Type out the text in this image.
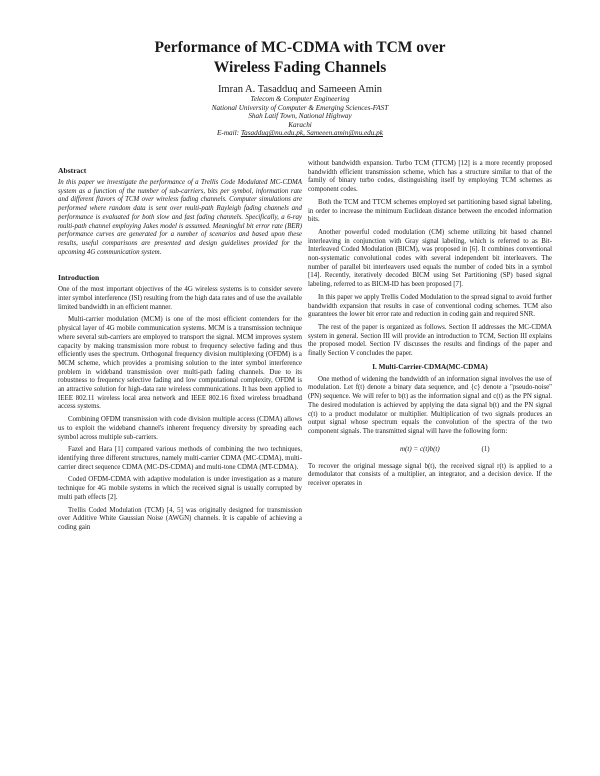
Performance of MC-CDMA with TCM over
Wireless Fading Channels
Imran A. Tasadduq and Sameeen Amin
Telecom & Computer Engineering
National University of Computer & Emerging Sciences-FAST
Shah Latif Town, National Highway
Karachi
E-mail: Tasadduq@nu.edu.pk, Sameeen.amin@nu.edu.pk
Abstract

In this paper we investigate the performance of a Trellis Code Modulated MC-CDMA system as a function of the number of sub-carriers, bits per symbol, information rate and different flavors of TCM over wireless fading channels. Computer simulations are performed where random data is sent over multi-path Rayleigh fading channels and performance is evaluated for both slow and fast fading channels. Specifically, a 6-ray multi-path channel employing Jakes model is assumed. Meaningful bit error rate (BER) performance curves are generated for a number of scenarios and based upon these results, useful comparisons are presented and design guidelines provided for the upcoming 4G communication system.

Introduction

One of the most important objectives of the 4G wireless systems is to consider severe inter symbol interference (ISI) resulting from the high data rates and of use the available limited bandwidth in an efficient manner.

Multi-carrier modulation (MCM) is one of the most efficient contenders for the physical layer of 4G mobile communication systems. MCM is a transmission technique where several sub-carriers are employed to transport the signal. MCM improves system capacity by making transmission more robust to frequency selective fading and thus efficiently uses the spectrum. Orthogonal frequency division multiplexing (OFDM) is a MCM scheme, which provides a promising solution to the inter symbol interference problem in wideband transmission over multi-path fading channels. Due to its robustness to frequency selective fading and low computational complexity, OFDM is an attractive solution for high-data rate wireless communications. It has been applied to IEEE 802.11 wireless local area network and IEEE 802.16 fixed wireless broadband access systems.

Combining OFDM transmission with code division multiple access (CDMA) allows us to exploit the wideband channel's inherent frequency diversity by spreading each symbol across multiple sub-carriers.

Fazel and Hara [1] compared various methods of combining the two techniques, identifying three different structures, namely multi-carrier CDMA (MC-CDMA), multi-carrier direct sequence CDMA (MC-DS-CDMA) and multi-tone CDMA (MT-CDMA).

Coded OFDM-CDMA with adaptive modulation is under investigation as a mature technique for 4G mobile systems in which the received signal is usually corrupted by multi path effects [2].

Trellis Coded Modulation (TCM) [4, 5] was originally designed for transmission over Additive White Gaussian Noise (AWGN) channels. It is capable of achieving a coding gain

without bandwidth expansion. Turbo TCM (TTCM) [12] is a more recently proposed bandwidth efficient transmission scheme, which has a structure similar to that of the family of binary turbo codes, distinguishing itself by employing TCM schemes as component codes.

Both the TCM and TTCM schemes employed set partitioning based signal labeling, in order to increase the minimum Euclidean distance between the encoded information bits.

Another powerful coded modulation (CM) scheme utilizing bit based channel interleaving in conjunction with Gray signal labeling, which is referred to as Bit-Interleaved Coded Modulation (BICM), was proposed in [6]. It combines conventional non-systematic convolutional codes with several independent bit interleavers. The number of parallel bit interleavers used equals the number of coded bits in a symbol [14]. Recently, iteratively decoded BICM using Set Partitioning (SP) based signal labeling, referred to as BICM-ID has been proposed [7].

In this paper we apply Trellis Coded Modulation to the spread signal to avoid further bandwidth expansion that results in case of conventional coding schemes. TCM also guarantees the lower bit error rate and reduction in coding gain and required SNR.

The rest of the paper is organized as follows. Section II addresses the MC-CDMA system in general. Section III will provide an introduction to TCM, Section III explains the proposed model. Section IV discusses the results and findings of the paper and finally Section V concludes the paper.

I. Multi-Carrier-CDMA(MC-CDMA)

One method of widening the bandwidth of an information signal involves the use of modulation. Let f(t) denote a binary data sequence, and {c} denote a "pseudo-noise" (PN) sequence. We will refer to b(t) as the information signal and c(t) as the PN signal. The desired modulation is achieved by applying the data signal b(t) and the PN signal c(t) to a product modulator or multiplier. Multiplication of two signals produces an output signal whose spectrum equals the convolution of the spectra of the two component signals. The transmitted signal will have the following form:

m(t) = c(t)b(t)	(1)

To recover the original message signal b(t), the received signal r(t) is applied to a demodulator that consists of a multiplier, an integrator, and a decision device. If the receiver operates in
